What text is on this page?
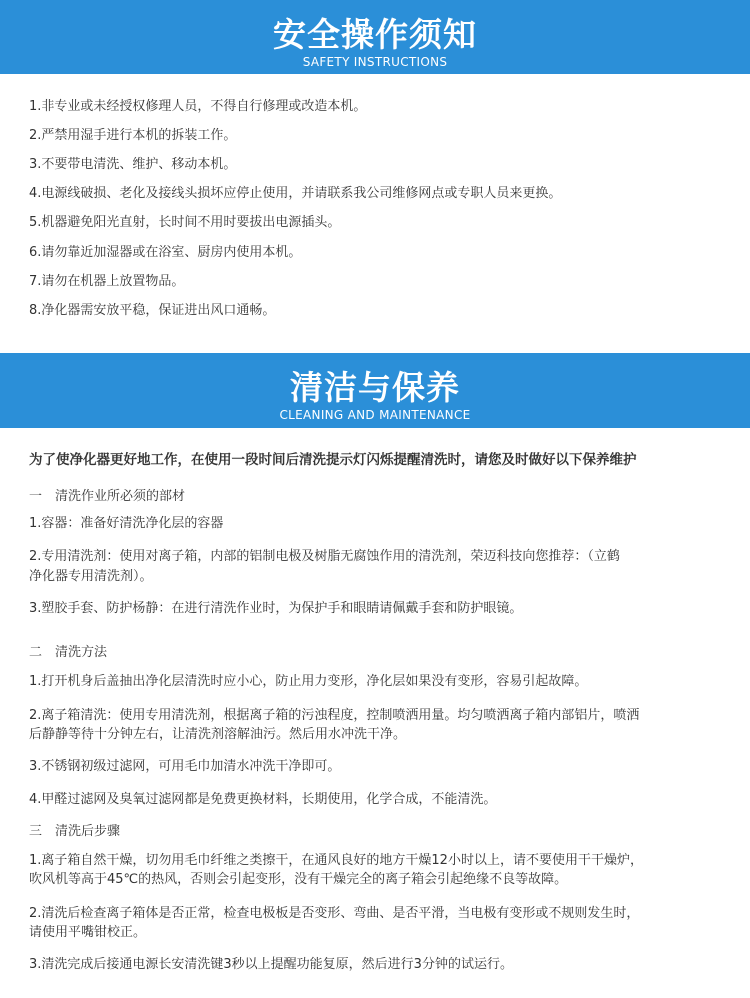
安全操作须知
SAFETY INSTRUCTIONS
1.非专业或未经授权修理人员，不得自行修理或改造本机。
2.严禁用湿手进行本机的拆装工作。
3.不要带电清洗、维护、移动本机。
4.电源线破损、老化及接线头损坏应停止使用，并请联系我公司维修网点或专职人员来更换。
5.机器避免阳光直射，长时间不用时要拔出电源插头。
6.请勿靠近加湿器或在浴室、厨房内使用本机。
7.请勿在机器上放置物品。
8.净化器需安放平稳，保证进出风口通畅。
清洁与保养
CLEANING AND MAINTENANCE
为了使净化器更好地工作，在使用一段时间后清洗提示灯闪烁提醒清洗时，请您及时做好以下保养维护
一　清洗作业所必须的部材
1.容器：准备好清洗净化层的容器
2.专用清洗剂：使用对离子箱，内部的铝制电极及树脂无腐蚀作用的清洗剂，荣迈科技向您推荐：（立鹤
净化器专用清洗剂）。
3.塑胶手套、防护杨静：在进行清洗作业时，为保护手和眼睛请佩戴手套和防护眼镜。
二　清洗方法
1.打开机身后盖抽出净化层清洗时应小心，防止用力变形，净化层如果没有变形，容易引起故障。
2.离子箱清洗：使用专用清洗剂，根据离子箱的污浊程度，控制喷洒用量。均匀喷洒离子箱内部铝片，喷洒
后静静等待十分钟左右，让清洗剂溶解油污。然后用水冲洗干净。
3.不锈钢初级过滤网，可用毛巾加清水冲洗干净即可。
4.甲醛过滤网及臭氧过滤网都是免费更换材料，长期使用，化学合成，不能清洗。
三　清洗后步骤
1.离子箱自然干燥，切勿用毛巾纤维之类擦干，在通风良好的地方干燥12小时以上，请不要使用干干燥炉，
吹风机等高于45℃的热风，否则会引起变形，没有干燥完全的离子箱会引起绝缘不良等故障。
2.清洗后检查离子箱体是否正常，检查电极板是否变形、弯曲、是否平滑，当电极有变形或不规则发生时，
请使用平嘴钳校正。
3.清洗完成后接通电源长安清洗键3秒以上提醒功能复原，然后进行3分钟的试运行。
